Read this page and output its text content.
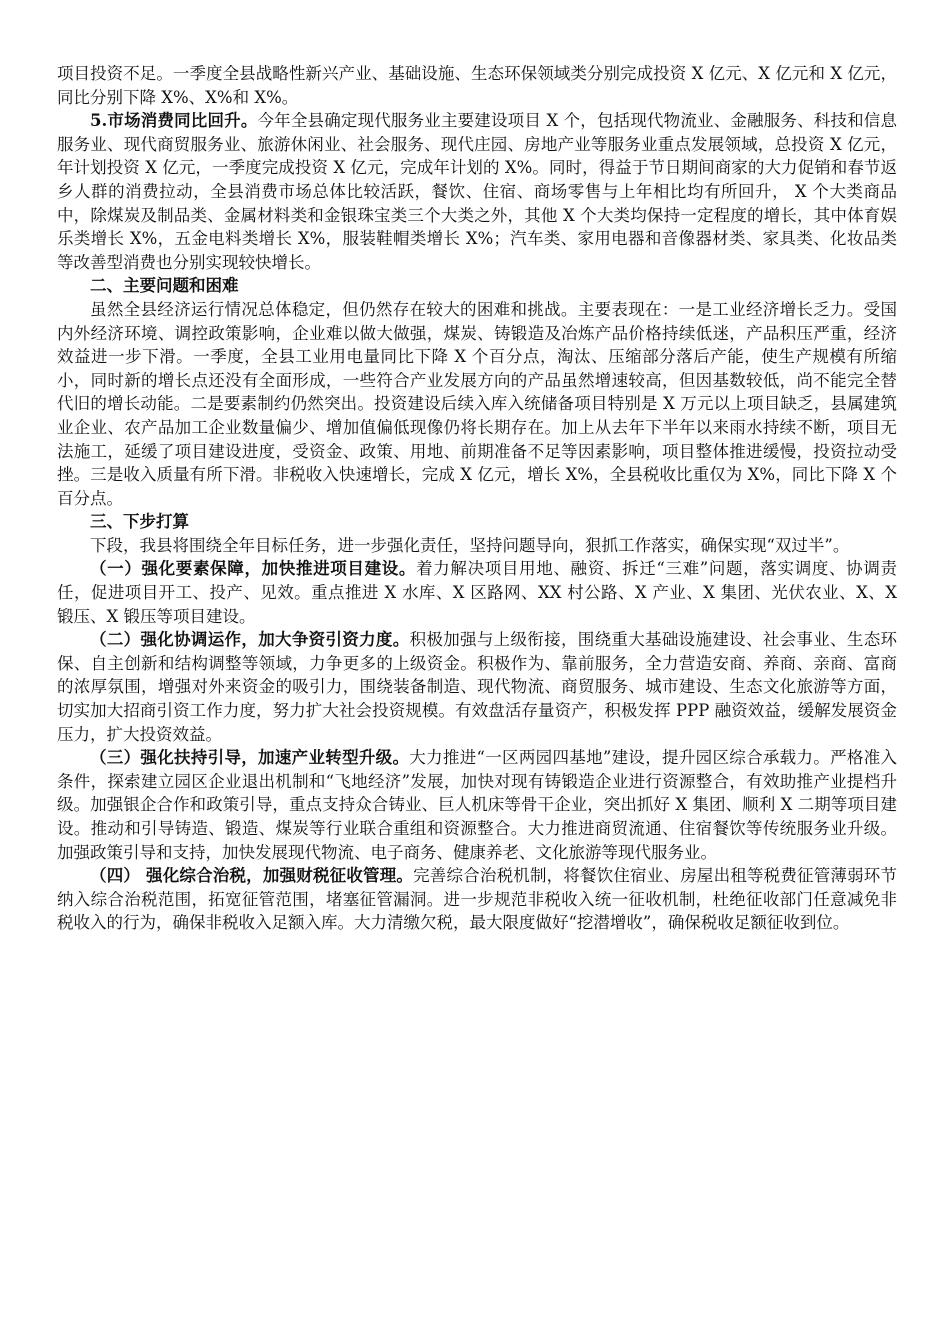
项目投资不足。一季度全县战略性新兴产业、基础设施、生态环保领域类分别完成投资 X 亿元、X 亿元和 X 亿元，同比分别下降 X%、X%和 X%。

5.市场消费同比回升。今年全县确定现代服务业主要建设项目 X 个，包括现代物流业、金融服务、科技和信息服务业、现代商贸服务业、旅游休闲业、社会服务、现代庄园、房地产业等服务业重点发展领域，总投资 X 亿元，年计划投资 X 亿元，一季度完成投资 X 亿元，完成年计划的 X%。同时，得益于节日期间商家的大力促销和春节返乡人群的消费拉动，全县消费市场总体比较活跃，餐饮、住宿、商场零售与上年相比均有所回升， X 个大类商品中，除煤炭及制品类、金属材料类和金银珠宝类三个大类之外，其他 X 个大类均保持一定程度的增长，其中体育娱乐类增长 X%，五金电料类增长 X%，服装鞋帽类增长 X%；汽车类、家用电器和音像器材类、家具类、化妆品类等改善型消费也分别实现较快增长。

二、主要问题和困难

虽然全县经济运行情况总体稳定，但仍然存在较大的困难和挑战。主要表现在：一是工业经济增长乏力。受国内外经济环境、调控政策影响，企业难以做大做强，煤炭、铸锻造及冶炼产品价格持续低迷，产品积压严重，经济效益进一步下滑。一季度，全县工业用电量同比下降 X 个百分点，淘汰、压缩部分落后产能，使生产规模有所缩小，同时新的增长点还没有全面形成，一些符合产业发展方向的产品虽然增速较高，但因基数较低，尚不能完全替代旧的增长动能。二是要素制约仍然突出。投资建设后续入库入统储备项目特别是 X 万元以上项目缺乏，县属建筑业企业、农产品加工企业数量偏少、增加值偏低现像仍将长期存在。加上从去年下半年以来雨水持续不断，项目无法施工，延缓了项目建设进度，受资金、政策、用地、前期准备不足等因素影响，项目整体推进缓慢，投资拉动受挫。三是收入质量有所下滑。非税收入快速增长，完成 X 亿元，增长 X%，全县税收比重仅为 X%，同比下降 X 个百分点。

三、下步打算

下段，我县将围绕全年目标任务，进一步强化责任，坚持问题导向，狠抓工作落实，确保实现“双过半”。

（一）强化要素保障，加快推进项目建设。着力解决项目用地、融资、拆迁“三难”问题，落实调度、协调责任，促进项目开工、投产、见效。重点推进 X 水库、X 区路网、XX 村公路、X 产业、X 集团、光伏农业、X、X 锻压、X 锻压等项目建设。

（二）强化协调运作，加大争资引资力度。积极加强与上级衔接，围绕重大基础设施建设、社会事业、生态环保、自主创新和结构调整等领域，力争更多的上级资金。积极作为、靠前服务，全力营造安商、养商、亲商、富商的浓厚氛围，增强对外来资金的吸引力，围绕装备制造、现代物流、商贸服务、城市建设、生态文化旅游等方面，切实加大招商引资工作力度，努力扩大社会投资规模。有效盘活存量资产，积极发挥 PPP 融资效益，缓解发展资金压力，扩大投资效益。

（三）强化扶持引导，加速产业转型升级。大力推进“一区两园四基地”建设，提升园区综合承载力。严格准入条件，探索建立园区企业退出机制和“飞地经济”发展，加快对现有铸锻造企业进行资源整合，有效助推产业提档升级。加强银企合作和政策引导，重点支持众合铸业、巨人机床等骨干企业，突出抓好 X 集团、顺利 X 二期等项目建设。推动和引导铸造、锻造、煤炭等行业联合重组和资源整合。大力推进商贸流通、住宿餐饮等传统服务业升级。加强政策引导和支持，加快发展现代物流、电子商务、健康养老、文化旅游等现代服务业。

（四） 强化综合治税，加强财税征收管理。完善综合治税机制，将餐饮住宿业、房屋出租等税费征管薄弱环节纳入综合治税范围，拓宽征管范围，堵塞征管漏洞。进一步规范非税收入统一征收机制，杜绝征收部门任意减免非税收入的行为，确保非税收入足额入库。大力清缴欠税，最大限度做好“挖潜增收”，确保税收足额征收到位。
